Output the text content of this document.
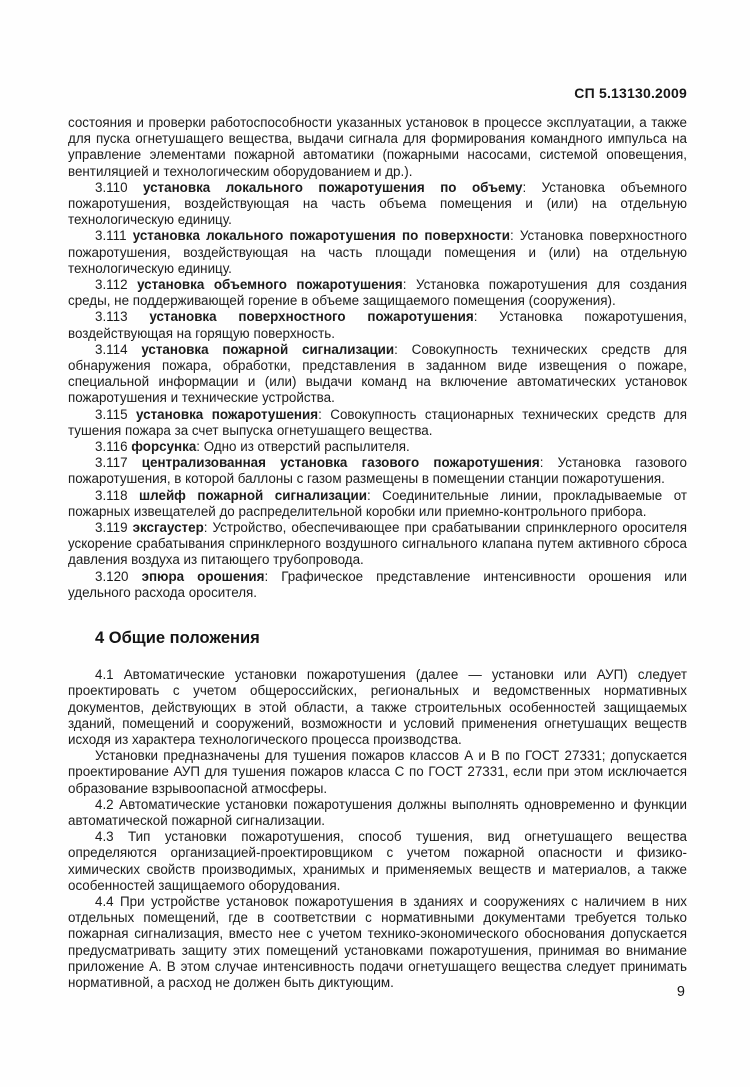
СП 5.13130.2009

состояния и проверки работоспособности указанных установок в процессе эксплуатации, а также для пуска огнетушащего вещества, выдачи сигнала для формирования командного импульса на управление элементами пожарной автоматики (пожарными насосами, системой оповещения, вентиляцией и технологическим оборудованием и др.).

3.110 установка локального пожаротушения по объему: Установка объемного пожаротушения, воздействующая на часть объема помещения и (или) на отдельную технологическую единицу.

3.111 установка локального пожаротушения по поверхности: Установка поверхностного пожаротушения, воздействующая на часть площади помещения и (или) на отдельную технологическую единицу.

3.112 установка объемного пожаротушения: Установка пожаротушения для создания среды, не поддерживающей горение в объеме защищаемого помещения (сооружения).

3.113 установка поверхностного пожаротушения: Установка пожаротушения, воздействующая на горящую поверхность.

3.114 установка пожарной сигнализации: Совокупность технических средств для обнаружения пожара, обработки, представления в заданном виде извещения о пожаре, специальной информации и (или) выдачи команд на включение автоматических установок пожаротушения и технические устройства.

3.115 установка пожаротушения: Совокупность стационарных технических средств для тушения пожара за счет выпуска огнетушащего вещества.

3.116 форсунка: Одно из отверстий распылителя.

3.117 централизованная установка газового пожаротушения: Установка газового пожаротушения, в которой баллоны с газом размещены в помещении станции пожаротушения.

3.118 шлейф пожарной сигнализации: Соединительные линии, прокладываемые от пожарных извещателей до распределительной коробки или приемно-контрольного прибора.

3.119 эксгаустер: Устройство, обеспечивающее при срабатывании спринклерного оросителя ускорение срабатывания спринклерного воздушного сигнального клапана путем активного сброса давления воздуха из питающего трубопровода.

3.120 эпюра орошения: Графическое представление интенсивности орошения или удельного расхода оросителя.

4 Общие положения

4.1 Автоматические установки пожаротушения (далее — установки или АУП) следует проектировать с учетом общероссийских, региональных и ведомственных нормативных документов, действующих в этой области, а также строительных особенностей защищаемых зданий, помещений и сооружений, возможности и условий применения огнетушащих веществ исходя из характера технологического процесса производства.

Установки предназначены для тушения пожаров классов А и В по ГОСТ 27331; допускается проектирование АУП для тушения пожаров класса С по ГОСТ 27331, если при этом исключается образование взрывоопасной атмосферы.

4.2 Автоматические установки пожаротушения должны выполнять одновременно и функции автоматической пожарной сигнализации.

4.3 Тип установки пожаротушения, способ тушения, вид огнетушащего вещества определяются организацией-проектировщиком с учетом пожарной опасности и физико-химических свойств производимых, хранимых и применяемых веществ и материалов, а также особенностей защищаемого оборудования.

4.4 При устройстве установок пожаротушения в зданиях и сооружениях с наличием в них отдельных помещений, где в соответствии с нормативными документами требуется только пожарная сигнализация, вместо нее с учетом технико-экономического обоснования допускается предусматривать защиту этих помещений установками пожаротушения, принимая во внимание приложение А. В этом случае интенсивность подачи огнетушащего вещества следует принимать нормативной, а расход не должен быть диктующим.

9
